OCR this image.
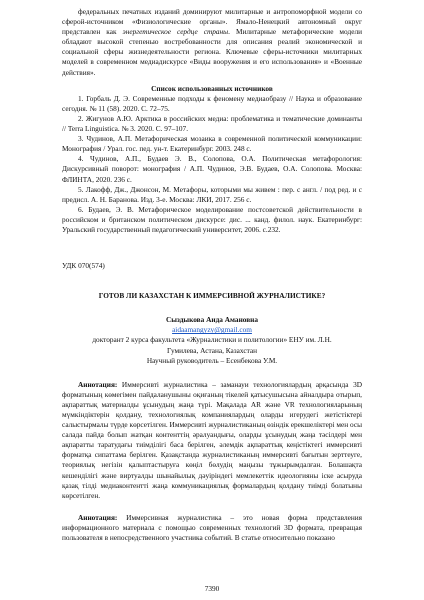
федеральных печатных изданий доминируют милитарные и антропоморфной модели со сферой-источником «Физиологические органы». Ямало-Ненецкий автономный округ представлен как энергетическое сердце страны. Милитарные метафорические модели обладают высокой степенью востребованности для описания реалий экономической и социальной сферы жизнедеятельности региона. Ключевые сферы-источники милитарных моделей в современном медиадискурсе «Виды вооружения и его использования» и «Военные действия».

Список использованных источников

1. Горбаль Д. Э. Современные подходы к феномену медиаобразу // Наука и образование сегодня. № 11 (58). 2020. С. 72–75.

2. Жигунов А.Ю. Арктика в российских медиа: проблематика и тематические доминанты // Terra Linguistica. № 3. 2020. С. 97–107.

3. Чудинов, А.П. Метафорическая мозаика в современной политической коммуникации: Монография / Урал. гос. пед. ун-т. Екатеринбург. 2003. 248 с.

4. Чудинов, А.П., Будаев Э. В., Солопова, О.А. Политическая метафорология: Дискурсивный поворот: монография / А.П. Чудинов, Э.В. Будаев, О.А. Солопова. Москва: ФЛИНТА, 2020. 236 с.

5. Лакофф, Дж., Джонсон, М. Метафоры, которыми мы живем : пер. с англ. / под ред. и с предисл. А. Н. Баранова. Изд. 3-е. Москва: ЛКИ, 2017. 256 с.

6. Будаев, Э. В. Метафорическое моделирование постсоветской действительности в российском и британском политическом дискурсе: дис. ... канд. филол. наук. Екатеринбург: Уральский государственный педагогический университет, 2006. с.232.

УДК 070(574)

ГОТОВ ЛИ КАЗАХСТАН К ИММЕРСИВНОЙ ЖУРНАЛИСТИКЕ?

Сыздыкова Аида Амановна
aidaamangyzy@gmail.com
докторант 2 курса факультета «Журналистики и политологии» ЕНУ им. Л.Н.
Гумилева, Астана, Казахстан
Научный руководитель – Есенбекова У.М.

Аннотация: Иммерсивті журналистика – заманауи технологиялардың арқасында 3D форматының көмегімен пайдаланушыны оқиғаның тікелей қатысушысына айналдыра отырып, ақпараттық материалды ұсынудың жаңа түрі. Мақалада AR және VR технологияларының мүмкіндіктерін қолдану, технологиялық компаниялардың оларды игерудегі жетістіктері салыстырмалы түрде көрсетілген. Иммерсивті журналистиканың өзіндік ерекшеліктері мен осы салада пайда болып жатқан контенттің әралуандығы, оларды ұсынудың жаңа тәсілдері мен ақпаратты таратудағы тиімділігі баса берілген, әлемдік ақпараттық кеңістіктегі иммерсивті форматқа сипаттама берілген. Қазақстанда журналистиканың иммерсивті бағытын зерттеуге, теориялық негізін қалыптастыруға көңіл бөлудің маңызы тұжырымдалған. Болашақта кешенділігі және виртуалды шынайылық дәуіріндегі мемлекеттік идеологияны іске асыруда қазақ тілді медиаконтентті жаңа коммуникациялық формалардың қолдану тиімді болатыны көрсетілген.

Аннотация: Иммерсивная журналистика – это новая форма представления информационного материала с помощью современных технологий 3D формата, превращая пользователя в непосредственного участника событий. В статье относительно показано

7390
